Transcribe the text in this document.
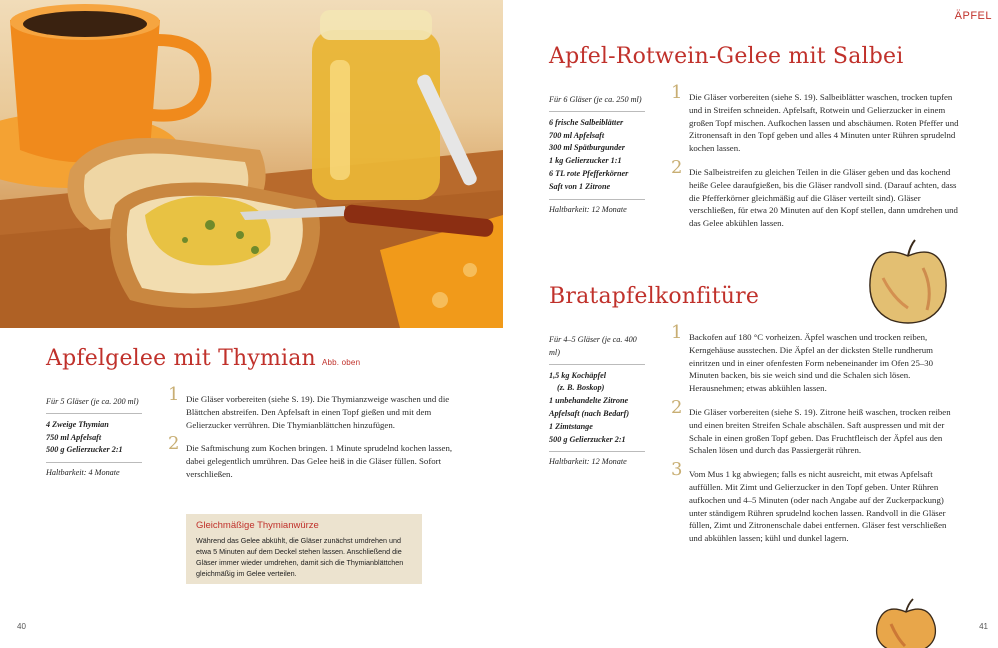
Apfelgelee mit Thymian Abb. oben
Für 5 Gläser (je ca. 200 ml)
4 Zweige Thymian
750 ml Apfelsaft
500 g Gelierzucker 2:1
Haltbarkeit: 4 Monate
1 Die Gläser vorbereiten (siehe S. 19). Die Thymianzweige waschen und die Blättchen abstreifen. Den Apfelsaft in einen Topf gießen und mit dem Gelierzucker verrühren. Die Thymianblättchen hinzufügen.
2 Die Saftmischung zum Kochen bringen. 1 Minute sprudelnd kochen lassen, dabei gelegentlich umrühren. Das Gelee heiß in die Gläser füllen. Sofort verschließen.
Gleichmäßige Thymianwürze
Während das Gelee abkühlt, die Gläser zunächst umdrehen und etwa 5 Minuten auf dem Deckel stehen lassen. Anschließend die Gläser immer wieder umdrehen, damit sich die Thymianblättchen gleichmäßig im Gelee verteilen.
40
ÄPFEL
Apfel-Rotwein-Gelee mit Salbei
Für 6 Gläser (je ca. 250 ml)
6 frische Salbeiblätter
700 ml Apfelsaft
300 ml Spätburgunder
1 kg Gelierzucker 1:1
6 TL rote Pfefferkörner
Saft von 1 Zitrone
Haltbarkeit: 12 Monate
1 Die Gläser vorbereiten (siehe S. 19). Salbeiblätter waschen, trocken tupfen und in Streifen schneiden. Apfelsaft, Rotwein und Gelierzucker in einem großen Topf mischen. Aufkochen lassen und abschäumen. Roten Pfeffer und Zitronensaft in den Topf geben und alles 4 Minuten unter Rühren sprudelnd kochen lassen.
2 Die Salbeistreifen zu gleichen Teilen in die Gläser geben und das kochend heiße Gelee daraufgießen, bis die Gläser randvoll sind. (Darauf achten, dass die Pfefferkörner gleichmäßig auf die Gläser verteilt sind). Gläser verschließen, für etwa 20 Minuten auf den Kopf stellen, dann umdrehen und das Gelee abkühlen lassen.
Bratapfelkonfitüre
Für 4–5 Gläser (je ca. 400 ml)
1,5 kg Kochäpfel
(z. B. Boskop)
1 unbehandelte Zitrone
Apfelsaft (nach Bedarf)
1 Zimtstange
500 g Gelierzucker 2:1
Haltbarkeit: 12 Monate
1 Backofen auf 180 °C vorheizen. Äpfel waschen und trocken reiben, Kerngehäuse ausstechen. Die Äpfel an der dicksten Stelle rundherum einritzen und in einer ofenfesten Form nebeneinander im Ofen 25–30 Minuten backen, bis sie weich sind und die Schalen sich lösen. Herausnehmen; etwas abkühlen lassen.
2 Die Gläser vorbereiten (siehe S. 19). Zitrone heiß waschen, trocken reiben und einen breiten Streifen Schale abschälen. Saft auspressen und mit der Schale in einen großen Topf geben. Das Fruchtfleisch der Äpfel aus den Schalen lösen und durch das Passiergerät rühren.
3 Vom Mus 1 kg abwiegen; falls es nicht ausreicht, mit etwas Apfelsaft auffüllen. Mit Zimt und Gelierzucker in den Topf geben. Unter Rühren aufkochen und 4–5 Minuten (oder nach Angabe auf der Zuckerpackung) unter ständigem Rühren sprudelnd kochen lassen. Randvoll in die Gläser füllen, Zimt und Zitronenschale dabei entfernen. Gläser fest verschließen und abkühlen lassen; kühl und dunkel lagern.
41
